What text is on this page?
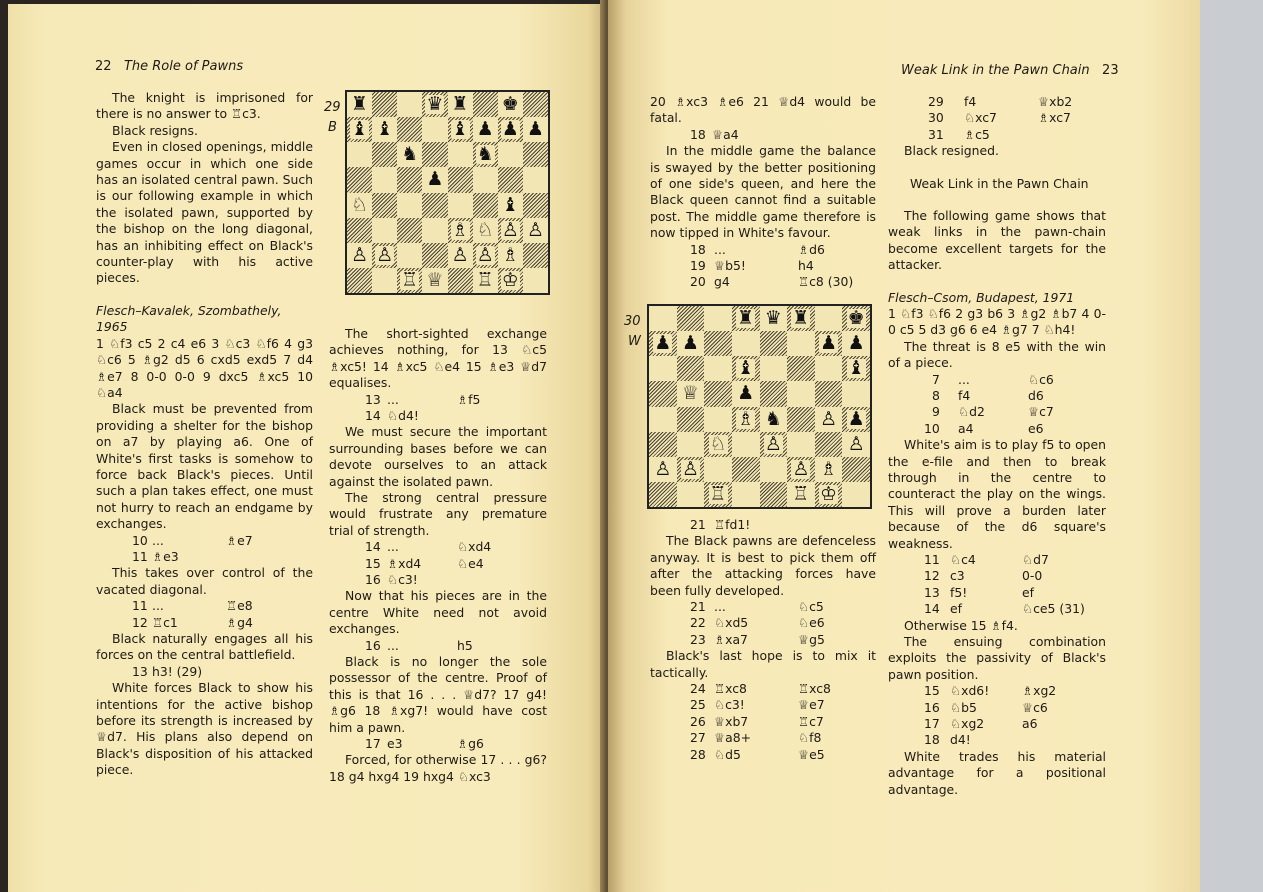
22 The Role of Pawns

The knight is imprisoned for there is no answer to ♖c3.

Black resigns.

Even in closed openings, middle games occur in which one side has an isolated central pawn. Such is our following example in which the isolated pawn, supported by the bishop on the long diagonal, has an inhibiting effect on Black's counter-play with his active pieces.

Flesch–Kavalek, Szombathely, 1965

1 ♘f3 c5 2 c4 e6 3 ♘c3 ♘f6 4 g3 ♘c6 5 ♗g2 d5 6 cxd5 exd5 7 d4 ♗e7 8 0-0 0-0 9 dxc5 ♗xc5 10 ♘a4

Black must be prevented from providing a shelter for the bishop on a7 by playing a6. One of White's first tasks is somehow to force back Black's pieces. Until such a plan takes effect, one must not hurry to reach an endgame by exchanges.

10 ...	♗e7
11 ♗e3

This takes over control of the vacated diagonal.

11 ...	♖e8
12 ♖c1	♗g4

Black naturally engages all his forces on the central battlefield.

13 h3! (29)

White forces Black to show his intentions for the active bishop before its strength is increased by ♕d7. His plans also depend on Black's disposition of his attacked piece.

29
B
♜	♛ ♜ ♚
♝ ♝	♝ ♟ ♟ ♟
♞	♞
♟
♘	♝
♗ ♘ ♙ ♙
♙ ♙	♙ ♙ ♗
♖ ♕ ♖ ♔

The short-sighted exchange achieves nothing, for 13 ♘c5 ♗xc5! 14 ♗xc5 ♘e4 15 ♗e3 ♕d7 equalises.

13 ...	♗f5
14 ♘d4!

We must secure the important surrounding bases before we can devote ourselves to an attack against the isolated pawn.

The strong central pressure would frustrate any premature trial of strength.

14 ...	♘xd4
15 ♗xd4	♘e4
16 ♘c3!

Now that his pieces are in the centre White need not avoid exchanges.

16 ...	h5

Black is no longer the sole possessor of the centre. Proof of this is that 16 . . . ♕d7? 17 g4! ♗g6 18 ♗xg7! would have cost him a pawn.

17 e3	♗g6

Forced, for otherwise 17 . . . g6? 18 g4 hxg4 19 hxg4 ♘xc3

Weak Link in the Pawn Chain 23

20 ♗xc3 ♗e6 21 ♕d4 would be fatal.

18 ♕a4

In the middle game the balance is swayed by the better positioning of one side's queen, and here the Black queen cannot find a suitable post. The middle game therefore is now tipped in White's favour.

18 ...	♗d6
19 ♕b5!	h4
20 g4	♖c8 (30)
30
W
♜ ♛ ♜ ♚
♟ ♟	♟ ♟
♝	♝
♕ ♟
♗ ♞ ♙ ♟
♘ ♙	♙
♙ ♙	♙ ♗
♖	♖ ♔
21 ♖fd1!

The Black pawns are defenceless anyway. It is best to pick them off after the attacking forces have been fully developed.

21 ...	♘c5
22 ♘xd5	♘e6
23 ♗xa7	♕g5

Black's last hope is to mix it tactically.

24 ♖xc8	♖xc8
25 ♘c3!	♕e7
26 ♕xb7	♖c7
27 ♕a8+	♘f8
28 ♘d5	♕e5
29 f4	♕xb2
30 ♘xc7	♗xc7
31 ♗c5

Black resigned.

Weak Link in the Pawn Chain

The following game shows that weak links in the pawn-chain become excellent targets for the attacker.

Flesch–Csom, Budapest, 1971

1 ♘f3 ♘f6 2 g3 b6 3 ♗g2 ♗b7 4 0-0 c5 5 d3 g6 6 e4 ♗g7 7 ♘h4!

The threat is 8 e5 with the win of a piece.

7 ...	♘c6
8 f4	d6
9 ♘d2	♕c7
10 a4	e6

White's aim is to play f5 to open the e-file and then to break through in the centre to counteract the play on the wings. This will prove a burden later because of the d6 square's weakness.

11 ♘c4	♘d7
12 c3	0-0
13 f5!	ef
14 ef	♘ce5 (31)

Otherwise 15 ♗f4.

The ensuing combination exploits the passivity of Black's pawn position.

15 ♘xd6!	♗xg2
16 ♘b5	♕c6
17 ♘xg2	a6
18 d4!

White trades his material advantage for a positional advantage.
